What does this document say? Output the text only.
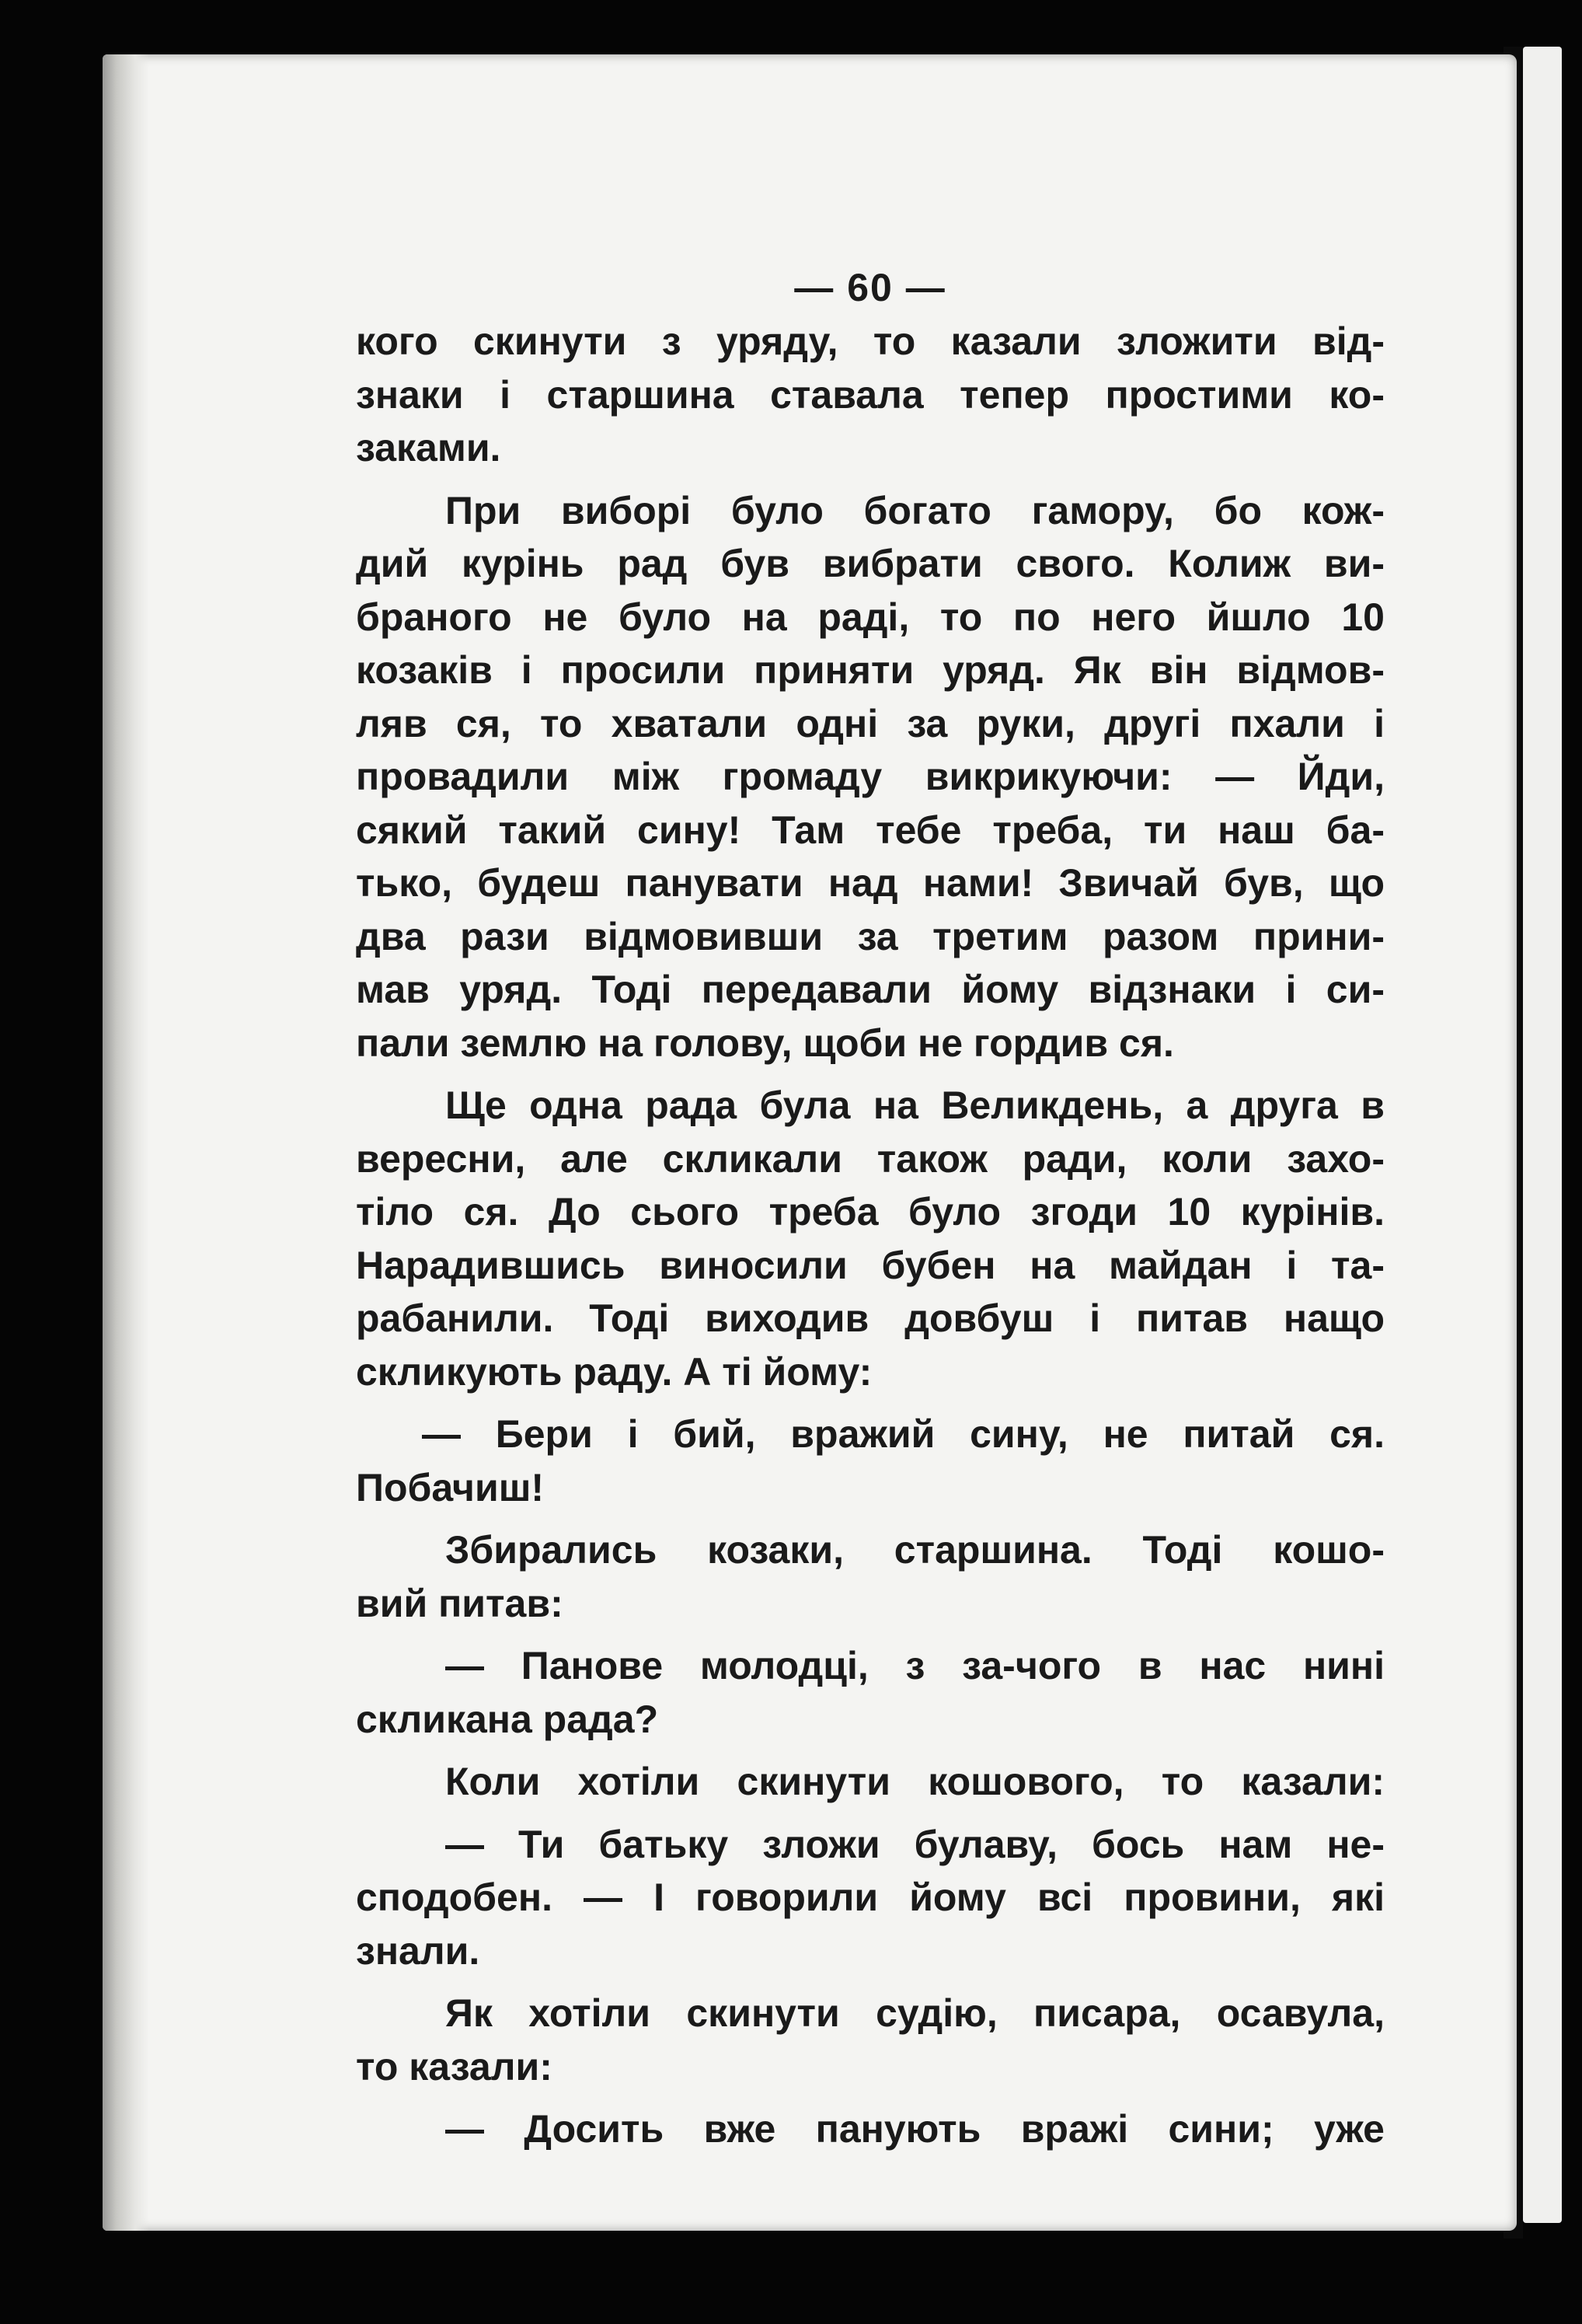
— 60 —
кого скинути з уряду, то казали зложити від-
знаки і старшина ставала тепер простими ко-
заками.
При виборі було богато гамору, бо кож-
дий курінь рад був вибрати свого. Колиж ви-
браного не було на раді, то по него йшло 10
козаків і просили приняти уряд. Як він відмов-
ляв ся, то хватали одні за руки, другі пхали і
провадили між громаду викрикуючи: — Йди,
сякий такий сину! Там тебе треба, ти наш ба-
тько, будеш панувати над нами! Звичай був, що
два рази відмовивши за третим разом прини-
мав уряд. Тоді передавали йому відзнаки і си-
пали землю на голову, щоби не гордив ся.
Ще одна рада була на Великдень, а друга в
вересни, але скликали також ради, коли захо-
тіло ся. До сього треба було згоди 10 курінів.
Нарадившись виносили бубен на майдан і та-
рабанили. Тоді виходив довбуш і питав нащо
скликують раду. А ті йому:
— Бери і бий, вражий сину, не питай ся.
Побачиш!
Збирались козаки, старшина. Тоді кошо-
вий питав:
— Панове молодці, з за-чого в нас нині
скликана рада?
Коли хотіли скинути кошового, то казали:
— Ти батьку зложи булаву, бось нам не-
сподобен. — І говорили йому всі провини, які
знали.
Як хотіли скинути судію, писара, осавула,
то казали:
— Досить вже панують вражі сини; уже
